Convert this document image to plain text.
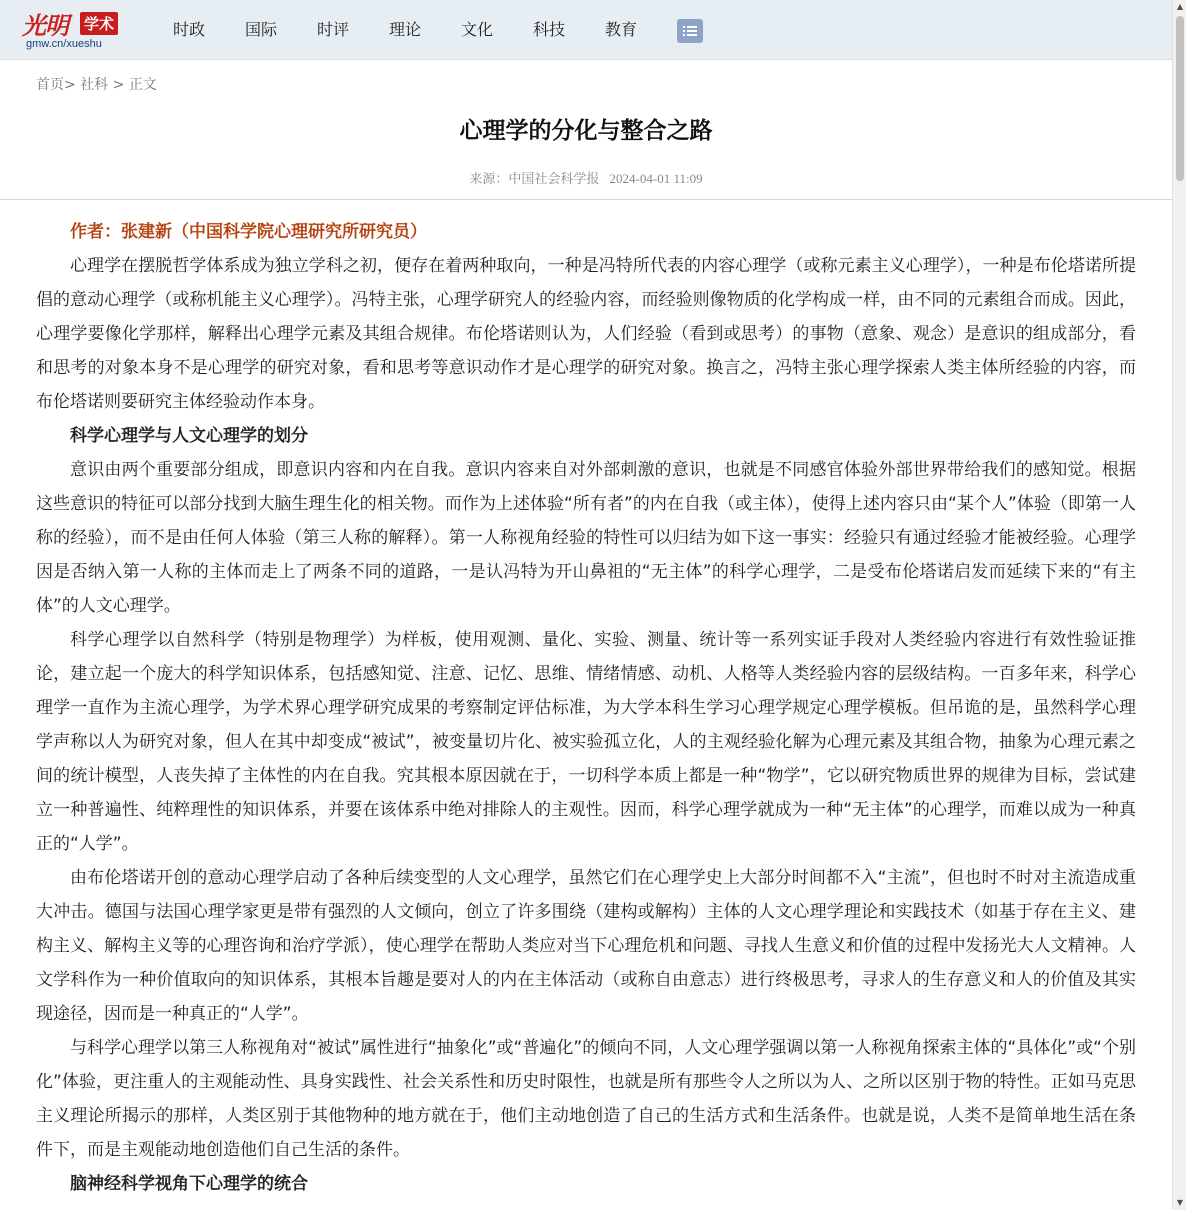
光明 学术
gmw.cn/xueshu
时政	国际	时评	理论	文化	科技	教育
▲
▼
首页> 社科 > 正文
心理学的分化与整合之路
来源：中国社会科学报 2024-04-01 11:09

作者：张建新（中国科学院心理研究所研究员）

心理学在摆脱哲学体系成为独立学科之初，便存在着两种取向，一种是冯特所代表的内容心理学（或称元素主义心理学），一种是布伦塔诺所提倡的意动心理学（或称机能主义心理学）。冯特主张，心理学研究人的经验内容，而经验则像物质的化学构成一样，由不同的元素组合而成。因此，心理学要像化学那样，解释出心理学元素及其组合规律。布伦塔诺则认为，人们经验（看到或思考）的事物（意象、观念）是意识的组成部分，看和思考的对象本身不是心理学的研究对象，看和思考等意识动作才是心理学的研究对象。换言之，冯特主张心理学探索人类主体所经验的内容，而布伦塔诺则要研究主体经验动作本身。

科学心理学与人文心理学的划分

意识由两个重要部分组成，即意识内容和内在自我。意识内容来自对外部刺激的意识，也就是不同感官体验外部世界带给我们的感知觉。根据这些意识的特征可以部分找到大脑生理生化的相关物。而作为上述体验“所有者”的内在自我（或主体），使得上述内容只由“某个人”体验（即第一人称的经验），而不是由任何人体验（第三人称的解释）。第一人称视角经验的特性可以归结为如下这一事实：经验只有通过经验才能被经验。心理学因是否纳入第一人称的主体而走上了两条不同的道路，一是认冯特为开山鼻祖的“无主体”的科学心理学，二是受布伦塔诺启发而延续下来的“有主体”的人文心理学。

科学心理学以自然科学（特别是物理学）为样板，使用观测、量化、实验、测量、统计等一系列实证手段对人类经验内容进行有效性验证推论，建立起一个庞大的科学知识体系，包括感知觉、注意、记忆、思维、情绪情感、动机、人格等人类经验内容的层级结构。一百多年来，科学心理学一直作为主流心理学，为学术界心理学研究成果的考察制定评估标准，为大学本科生学习心理学规定心理学模板。但吊诡的是，虽然科学心理学声称以人为研究对象，但人在其中却变成“被试”，被变量切片化、被实验孤立化，人的主观经验化解为心理元素及其组合物，抽象为心理元素之间的统计模型，人丧失掉了主体性的内在自我。究其根本原因就在于，一切科学本质上都是一种“物学”，它以研究物质世界的规律为目标，尝试建立一种普遍性、纯粹理性的知识体系，并要在该体系中绝对排除人的主观性。因而，科学心理学就成为一种“无主体”的心理学，而难以成为一种真正的“人学”。

由布伦塔诺开创的意动心理学启动了各种后续变型的人文心理学，虽然它们在心理学史上大部分时间都不入“主流”，但也时不时对主流造成重大冲击。德国与法国心理学家更是带有强烈的人文倾向，创立了许多围绕（建构或解构）主体的人文心理学理论和实践技术（如基于存在主义、建构主义、解构主义等的心理咨询和治疗学派），使心理学在帮助人类应对当下心理危机和问题、寻找人生意义和价值的过程中发扬光大人文精神。人文学科作为一种价值取向的知识体系，其根本旨趣是要对人的内在主体活动（或称自由意志）进行终极思考，寻求人的生存意义和人的价值及其实现途径，因而是一种真正的“人学”。

与科学心理学以第三人称视角对“被试”属性进行“抽象化”或“普遍化”的倾向不同，人文心理学强调以第一人称视角探索主体的“具体化”或“个别化”体验，更注重人的主观能动性、具身实践性、社会关系性和历史时限性，也就是所有那些令人之所以为人、之所以区别于物的特性。正如马克思主义理论所揭示的那样，人类区别于其他物种的地方就在于，他们主动地创造了自己的生活方式和生活条件。也就是说，人类不是简单地生活在条件下，而是主观能动地创造他们自己生活的条件。

脑神经科学视角下心理学的统合
